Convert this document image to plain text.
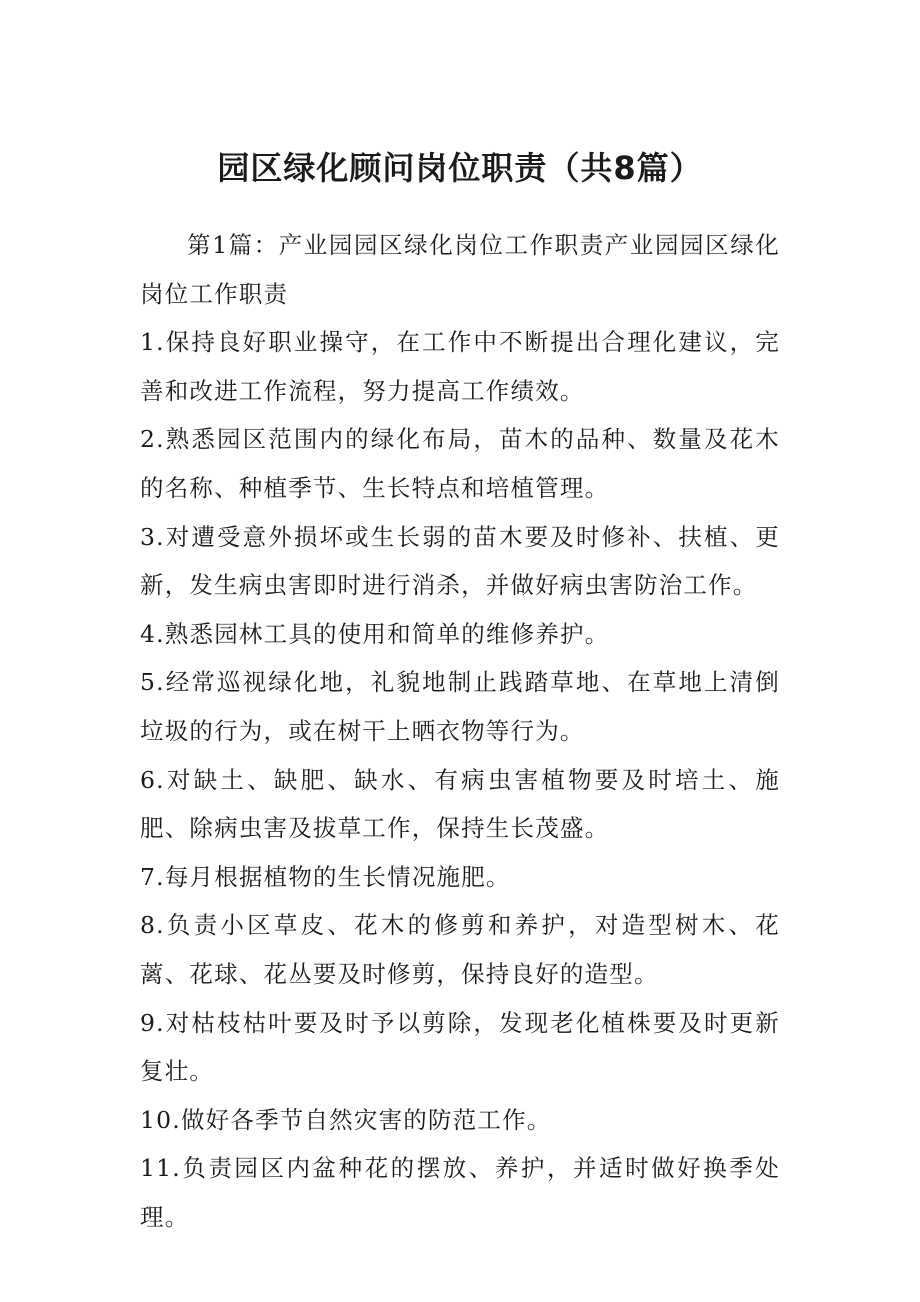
园区绿化顾问岗位职责（共8篇）

第1篇：产业园园区绿化岗位工作职责产业园园区绿化岗位工作职责

1.保持良好职业操守，在工作中不断提出合理化建议，完善和改进工作流程，努力提高工作绩效。

2.熟悉园区范围内的绿化布局，苗木的品种、数量及花木的名称、种植季节、生长特点和培植管理。

3.对遭受意外损坏或生长弱的苗木要及时修补、扶植、更新，发生病虫害即时进行消杀，并做好病虫害防治工作。

4.熟悉园林工具的使用和简单的维修养护。

5.经常巡视绿化地，礼貌地制止践踏草地、在草地上清倒垃圾的行为，或在树干上晒衣物等行为。

6.对缺土、缺肥、缺水、有病虫害植物要及时培土、施肥、除病虫害及拔草工作，保持生长茂盛。

7.每月根据植物的生长情况施肥。

8.负责小区草皮、花木的修剪和养护，对造型树木、花蓠、花球、花丛要及时修剪，保持良好的造型。

9.对枯枝枯叶要及时予以剪除，发现老化植株要及时更新复壮。

10.做好各季节自然灾害的防范工作。

11.负责园区内盆种花的摆放、养护，并适时做好换季处理。
